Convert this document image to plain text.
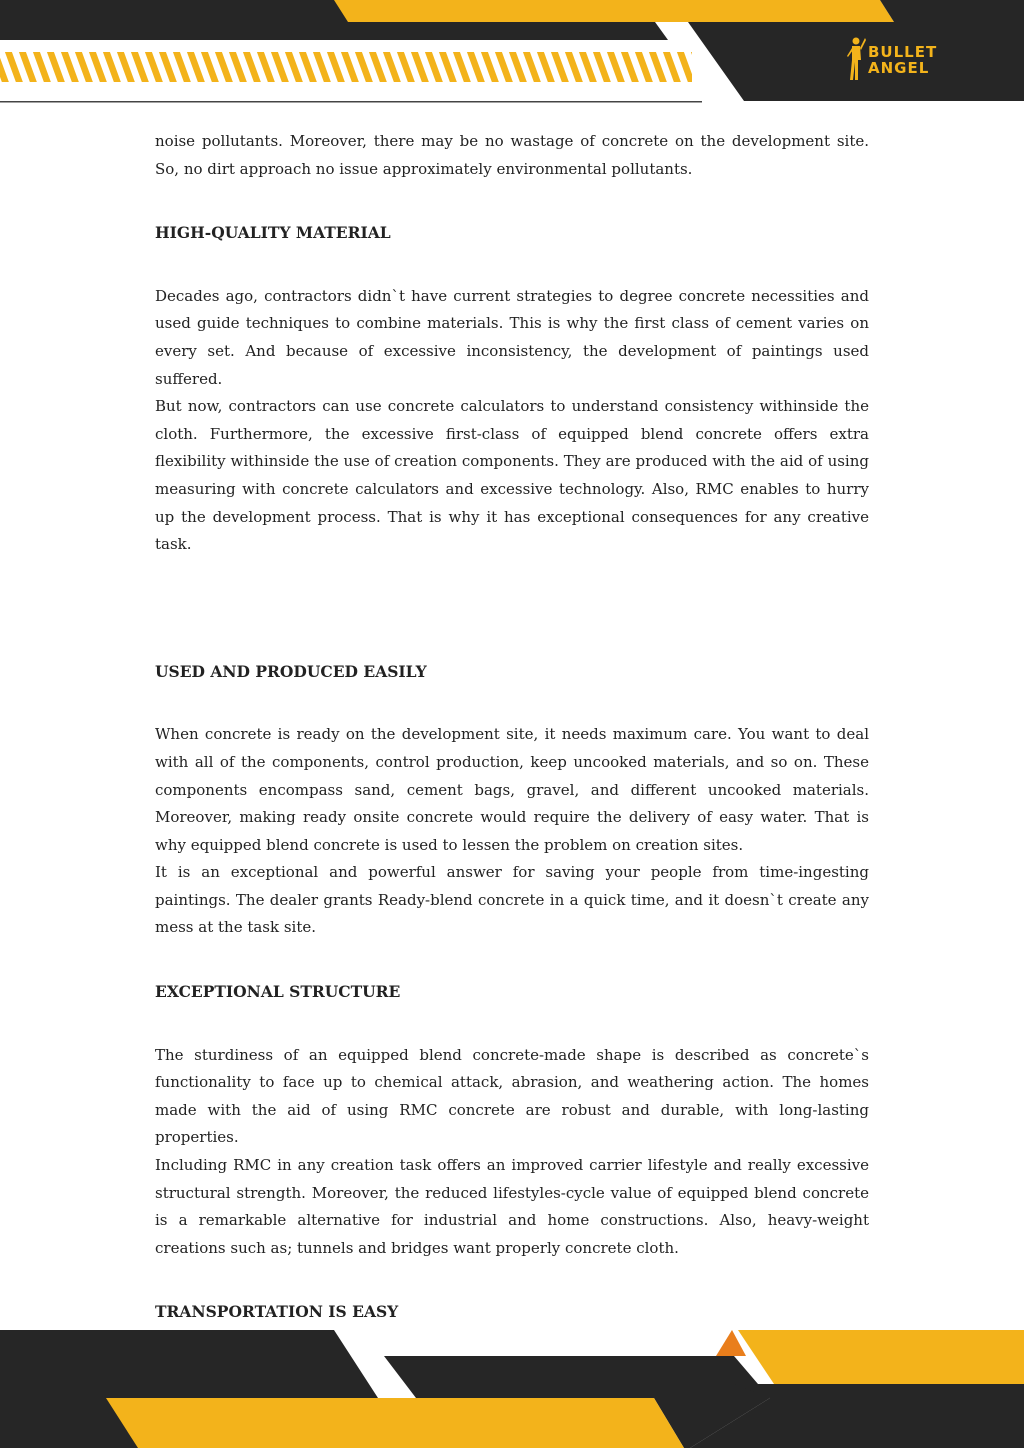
BULLET
ANGEL

noise pollutants. Moreover, there may be no wastage of concrete on the development site. So, no dirt approach no issue approximately environmental pollutants.

HIGH-QUALITY MATERIAL

Decades ago, contractors didn`t have current strategies to degree concrete necessities and used guide techniques to combine materials. This is why the first class of cement varies on every set. And because of excessive inconsistency, the development of paintings used suffered.

But now, contractors can use concrete calculators to understand consistency withinside the cloth. Furthermore, the excessive first-class of equipped blend concrete offers extra flexibility withinside the use of creation components. They are produced with the aid of using measuring with concrete calculators and excessive technology. Also, RMC enables to hurry up the development process. That is why it has exceptional consequences for any creative task.

USED AND PRODUCED EASILY

When concrete is ready on the development site, it needs maximum care. You want to deal with all of the components, control production, keep uncooked materials, and so on. These components encompass sand, cement bags, gravel, and different uncooked materials. Moreover, making ready onsite concrete would require the delivery of easy water. That is why equipped blend concrete is used to lessen the problem on creation sites.

It is an exceptional and powerful answer for saving your people from time-ingesting paintings. The dealer grants Ready-blend concrete in a quick time, and it doesn`t create any mess at the task site.

EXCEPTIONAL STRUCTURE

The sturdiness of an equipped blend concrete-made shape is described as concrete`s functionality to face up to chemical attack, abrasion, and weathering action. The homes made with the aid of using RMC concrete are robust and durable, with long-lasting properties.

Including RMC in any creation task offers an improved carrier lifestyle and really excessive structural strength. Moreover, the reduced lifestyles-cycle value of equipped blend concrete is a remarkable alternative for industrial and home constructions. Also, heavy-weight creations such as; tunnels and bridges want properly concrete cloth.

TRANSPORTATION IS EASY
